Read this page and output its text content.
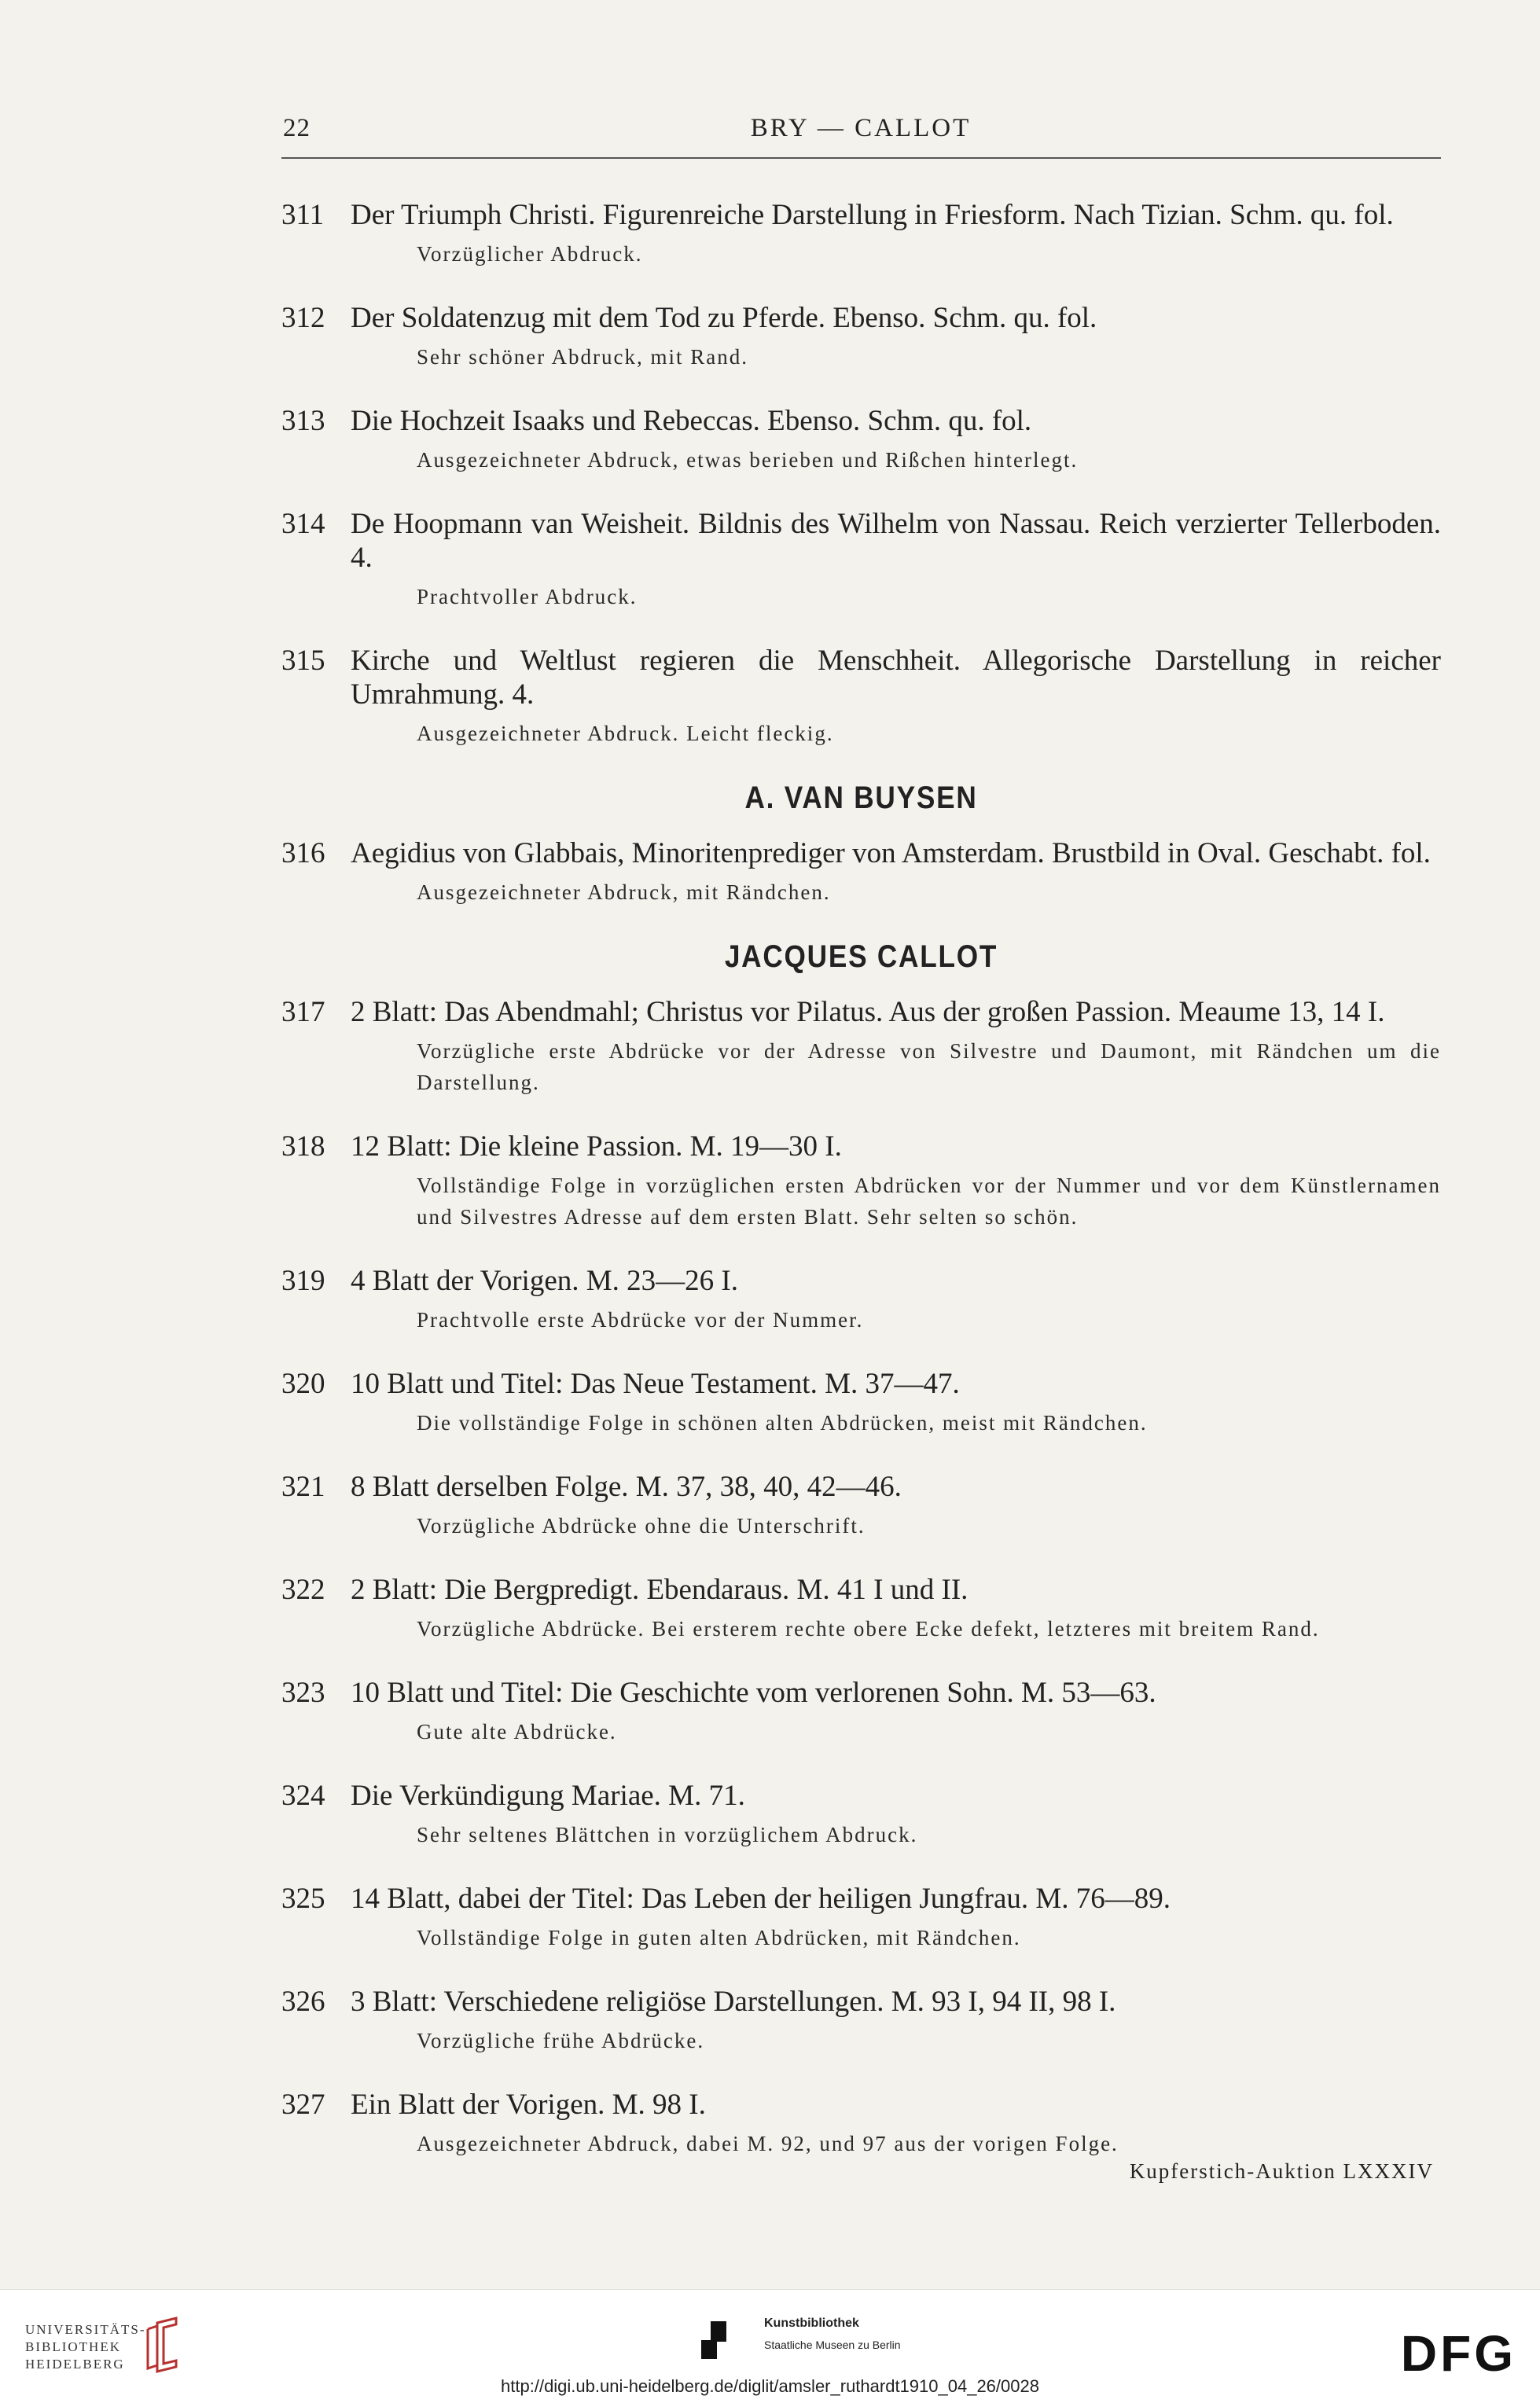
22	BRY — CALLOT
311 Der Triumph Christi. Figurenreiche Darstellung in Friesform. Nach Tizian. Schm. qu. fol.
Vorzüglicher Abdruck.
312 Der Soldatenzug mit dem Tod zu Pferde. Ebenso. Schm. qu. fol.
Sehr schöner Abdruck, mit Rand.
313 Die Hochzeit Isaaks und Rebeccas. Ebenso. Schm. qu. fol.
Ausgezeichneter Abdruck, etwas berieben und Rißchen hinterlegt.
314 De Hoopmann van Weisheit. Bildnis des Wilhelm von Nassau. Reich verzierter Tellerboden. 4.
Prachtvoller Abdruck.
315 Kirche und Weltlust regieren die Menschheit. Allegorische Darstellung in reicher Umrahmung. 4.
Ausgezeichneter Abdruck. Leicht fleckig.
A. VAN BUYSEN
316 Aegidius von Glabbais, Minoritenprediger von Amsterdam. Brustbild in Oval. Geschabt. fol.
Ausgezeichneter Abdruck, mit Rändchen.
JACQUES CALLOT
317 2 Blatt: Das Abendmahl; Christus vor Pilatus. Aus der großen Passion. Meaume 13, 14 I.
Vorzügliche erste Abdrücke vor der Adresse von Silvestre und Daumont, mit Rändchen um die Darstellung.
318 12 Blatt: Die kleine Passion. M. 19—30 I.
Vollständige Folge in vorzüglichen ersten Abdrücken vor der Nummer und vor dem Künstlernamen und Silvestres Adresse auf dem ersten Blatt. Sehr selten so schön.
319 4 Blatt der Vorigen. M. 23—26 I.
Prachtvolle erste Abdrücke vor der Nummer.
320 10 Blatt und Titel: Das Neue Testament. M. 37—47.
Die vollständige Folge in schönen alten Abdrücken, meist mit Rändchen.
321 8 Blatt derselben Folge. M. 37, 38, 40, 42—46.
Vorzügliche Abdrücke ohne die Unterschrift.
322 2 Blatt: Die Bergpredigt. Ebendaraus. M. 41 I und II.
Vorzügliche Abdrücke. Bei ersterem rechte obere Ecke defekt, letzteres mit breitem Rand.
323 10 Blatt und Titel: Die Geschichte vom verlorenen Sohn. M. 53—63.
Gute alte Abdrücke.
324 Die Verkündigung Mariae. M. 71.
Sehr seltenes Blättchen in vorzüglichem Abdruck.
325 14 Blatt, dabei der Titel: Das Leben der heiligen Jungfrau. M. 76—89.
Vollständige Folge in guten alten Abdrücken, mit Rändchen.
326 3 Blatt: Verschiedene religiöse Darstellungen. M. 93 I, 94 II, 98 I.
Vorzügliche frühe Abdrücke.
327 Ein Blatt der Vorigen. M. 98 I.
Ausgezeichneter Abdruck, dabei M. 92, und 97 aus der vorigen Folge.
Kupferstich-Auktion LXXXIV
UNIVERSITÄTS-
BIBLIOTHEK
HEIDELBERG
Kunstbibliothek
Staatliche Museen zu Berlin	DFG
http://digi.ub.uni-heidelberg.de/diglit/amsler_ruthardt1910_04_26/0028
